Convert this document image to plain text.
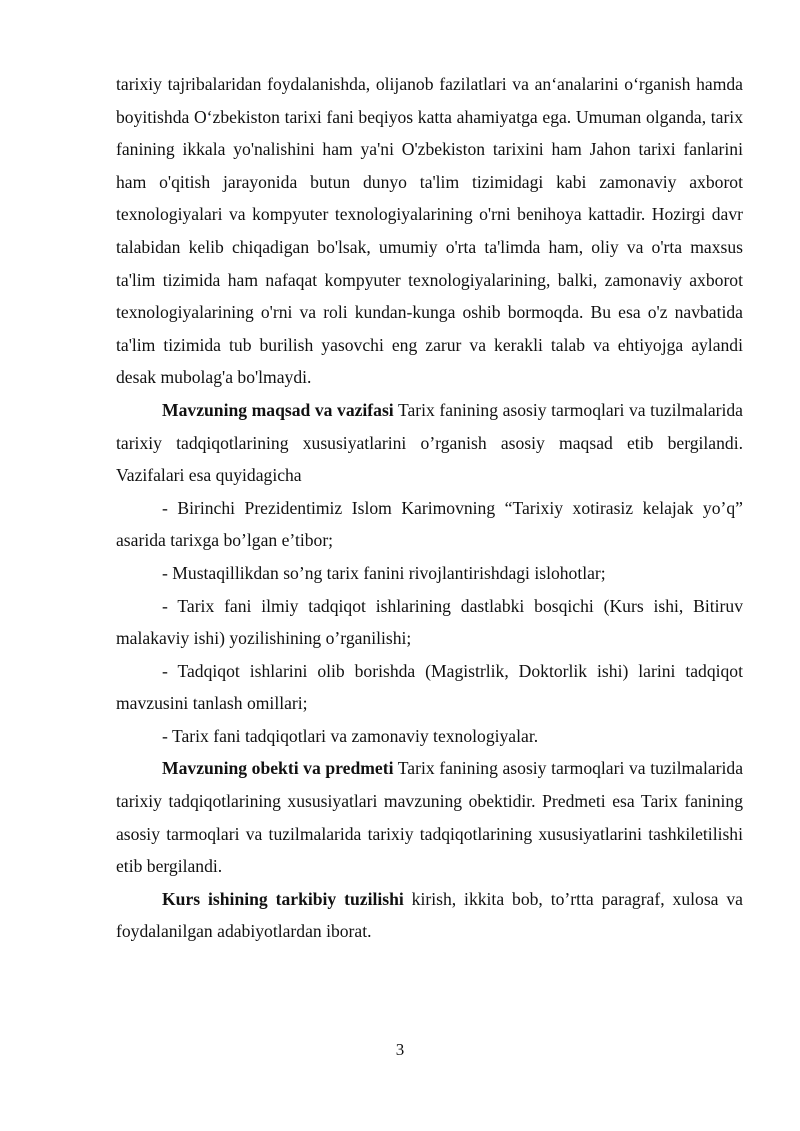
tarixiy tajribalaridan foydalanishda, olijanob fazilatlari va an‘analarini o‘rganish hamda boyitishda O‘zbekiston tarixi fani beqiyos katta ahamiyatga ega. Umuman olganda, tarix fanining ikkala yo'nalishini ham ya'ni O'zbekiston tarixini ham Jahon tarixi fanlarini ham o'qitish jarayonida butun dunyo ta'lim tizimidagi kabi zamonaviy axborot texnologiyalari va kompyuter texnologiyalarining o'rni benihoya kattadir. Hozirgi davr talabidan kelib chiqadigan bo'lsak, umumiy o'rta ta'limda ham, oliy va o'rta maxsus ta'lim tizimida ham nafaqat kompyuter texnologiyalarining, balki, zamonaviy axborot texnologiyalarining o'rni va roli kundan-kunga oshib bormoqda. Bu esa o'z navbatida ta'lim tizimida tub burilish yasovchi eng zarur va kerakli talab va ehtiyojga aylandi desak mubolag'a bo'lmaydi.

Mavzuning maqsad va vazifasi Tarix fanining asosiy tarmoqlari va tuzilmalarida tarixiy tadqiqotlarining xususiyatlarini o’rganish asosiy maqsad etib bergilandi. Vazifalari esa quyidagicha

- Birinchi Prezidentimiz Islom Karimovning “Tarixiy xotirasiz kelajak yo’q” asarida tarixga bo’lgan e’tibor;

- Mustaqillikdan so’ng tarix fanini rivojlantirishdagi islohotlar;

- Tarix fani ilmiy tadqiqot ishlarining dastlabki bosqichi (Kurs ishi, Bitiruv malakaviy ishi) yozilishining o’rganilishi;

- Tadqiqot ishlarini olib borishda (Magistrlik, Doktorlik ishi) larini tadqiqot mavzusini tanlash omillari;

- Tarix fani tadqiqotlari va zamonaviy texnologiyalar.

Mavzuning obekti va predmeti Tarix fanining asosiy tarmoqlari va tuzilmalarida tarixiy tadqiqotlarining xususiyatlari mavzuning obektidir. Predmeti esa Tarix fanining asosiy tarmoqlari va tuzilmalarida tarixiy tadqiqotlarining xususiyatlarini tashkiletilishi etib bergilandi.

Kurs ishining tarkibiy tuzilishi kirish, ikkita bob, to’rtta paragraf, xulosa va foydalanilgan adabiyotlardan iborat.

3
